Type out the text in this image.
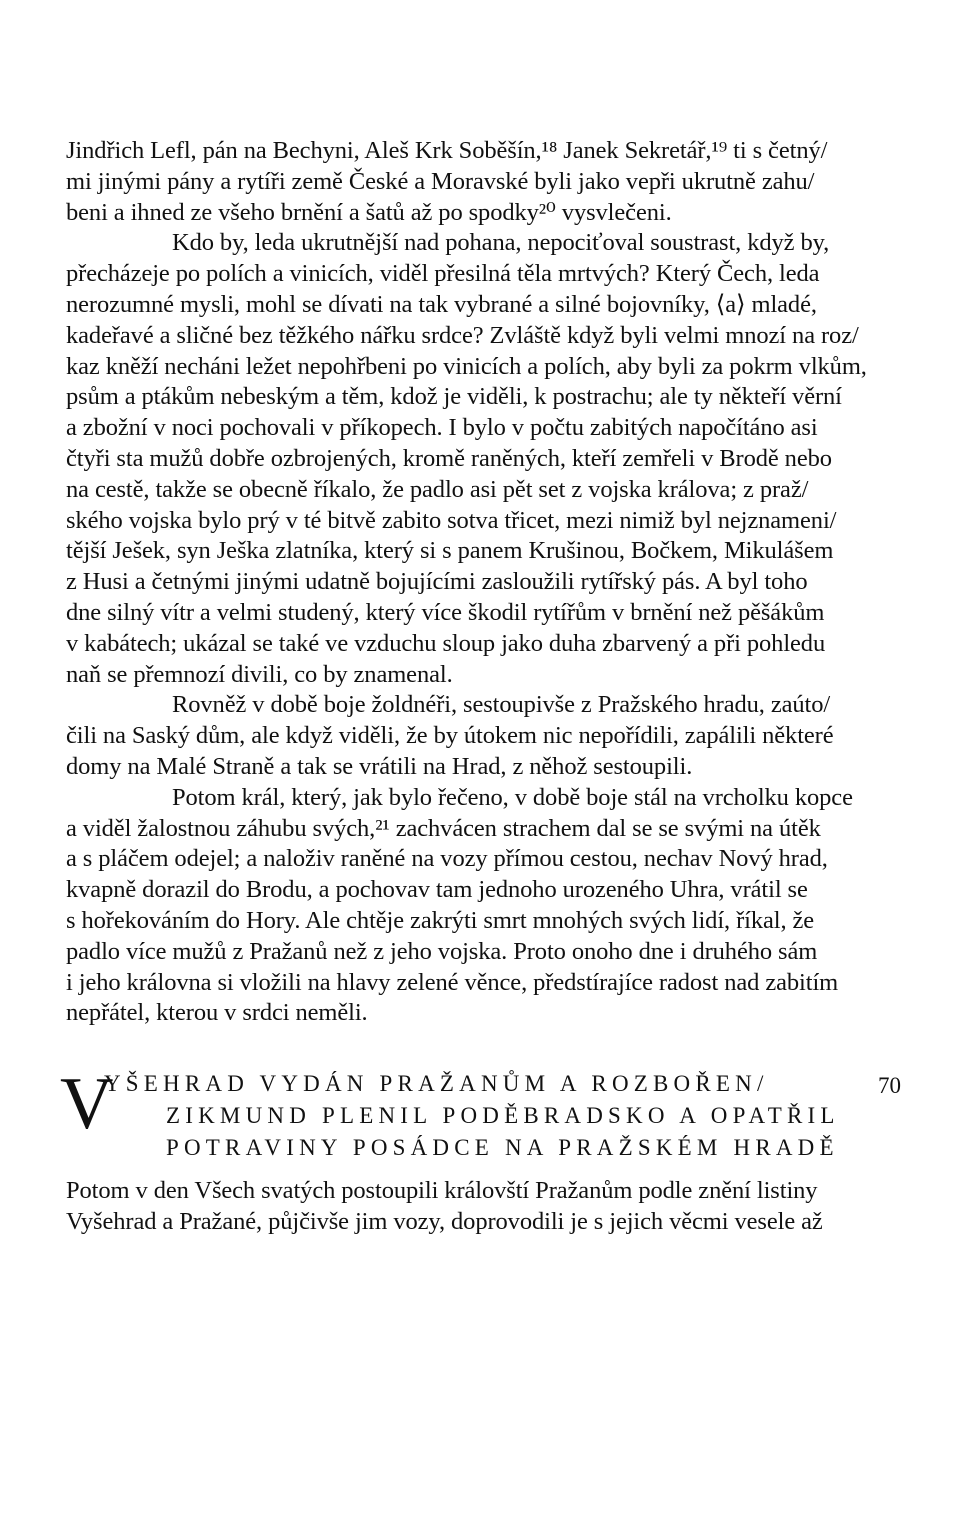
Jindřich Lefl, pán na Bechyni, Aleš Krk Soběšín,¹⁸ Janek Sekretář,¹⁹ ti s četný/
mi jinými pány a rytíři země České a Moravské byli jako vepři ukrutně zahu/
beni a ihned ze všeho brnění a šatů až po spodky²⁰ vysvlečeni.
Kdo by, leda ukrutnější nad pohana, nepociťoval soustrast, když by,
přecházeje po polích a vinicích, viděl přesilná těla mrtvých? Který Čech, leda
nerozumné mysli, mohl se dívati na tak vybrané a silné bojovníky, ⟨a⟩ mladé,
kadeřavé a sličné bez těžkého nářku srdce? Zvláště když byli velmi mnozí na roz/
kaz kněží necháni ležet nepohřbeni po vinicích a polích, aby byli za pokrm vlkům,
psům a ptákům nebeským a těm, kdož je viděli, k postrachu; ale ty někteří věrní
a zbožní v noci pochovali v příkopech. I bylo v počtu zabitých napočítáno asi
čtyři sta mužů dobře ozbrojených, kromě raněných, kteří zemřeli v Brodě nebo
na cestě, takže se obecně říkalo, že padlo asi pět set z vojska králova; z praž/
ského vojska bylo prý v té bitvě zabito sotva třicet, mezi nimiž byl nejznameni/
tější Ješek, syn Ješka zlatníka, který si s panem Krušinou, Bočkem, Mikulášem
z Husi a četnými jinými udatně bojujícími zasloužili rytířský pás. A byl toho
dne silný vítr a velmi studený, který více škodil rytířům v brnění než pěšákům
v kabátech; ukázal se také ve vzduchu sloup jako duha zbarvený a při pohledu
naň se přemnozí divili, co by znamenal.
Rovněž v době boje žoldnéři, sestoupivše z Pražského hradu, zaúto/
čili na Saský dům, ale když viděli, že by útokem nic nepořídili, zapálili některé
domy na Malé Straně a tak se vrátili na Hrad, z něhož sestoupili.
Potom král, který, jak bylo řečeno, v době boje stál na vrcholku kopce
a viděl žalostnou záhubu svých,²¹ zachvácen strachem dal se se svými na útěk
a s pláčem odejel; a naloživ raněné na vozy přímou cestou, nechav Nový hrad,
kvapně dorazil do Brodu, a pochovav tam jednoho urozeného Uhra, vrátil se
s hořekováním do Hory. Ale chtěje zakrýti smrt mnohých svých lidí, říkal, že
padlo více mužů z Pražanů než z jeho vojska. Proto onoho dne i druhého sám
i jeho královna si vložili na hlavy zelené věnce, předstírajíce radost nad zabitím
nepřátel, kterou v srdci neměli.
V
YŠEHRAD VYDÁN PRAŽANŮM A ROZBOŘEN/	70
ZIKMUND PLENIL PODĚBRADSKO A OPATŘIL
POTRAVINY POSÁDCE NA PRAŽSKÉM HRADĚ
Potom v den Všech svatých postoupili královští Pražanům podle znění listiny
Vyšehrad a Pražané, půjčivše jim vozy, doprovodili je s jejich věcmi vesele až
